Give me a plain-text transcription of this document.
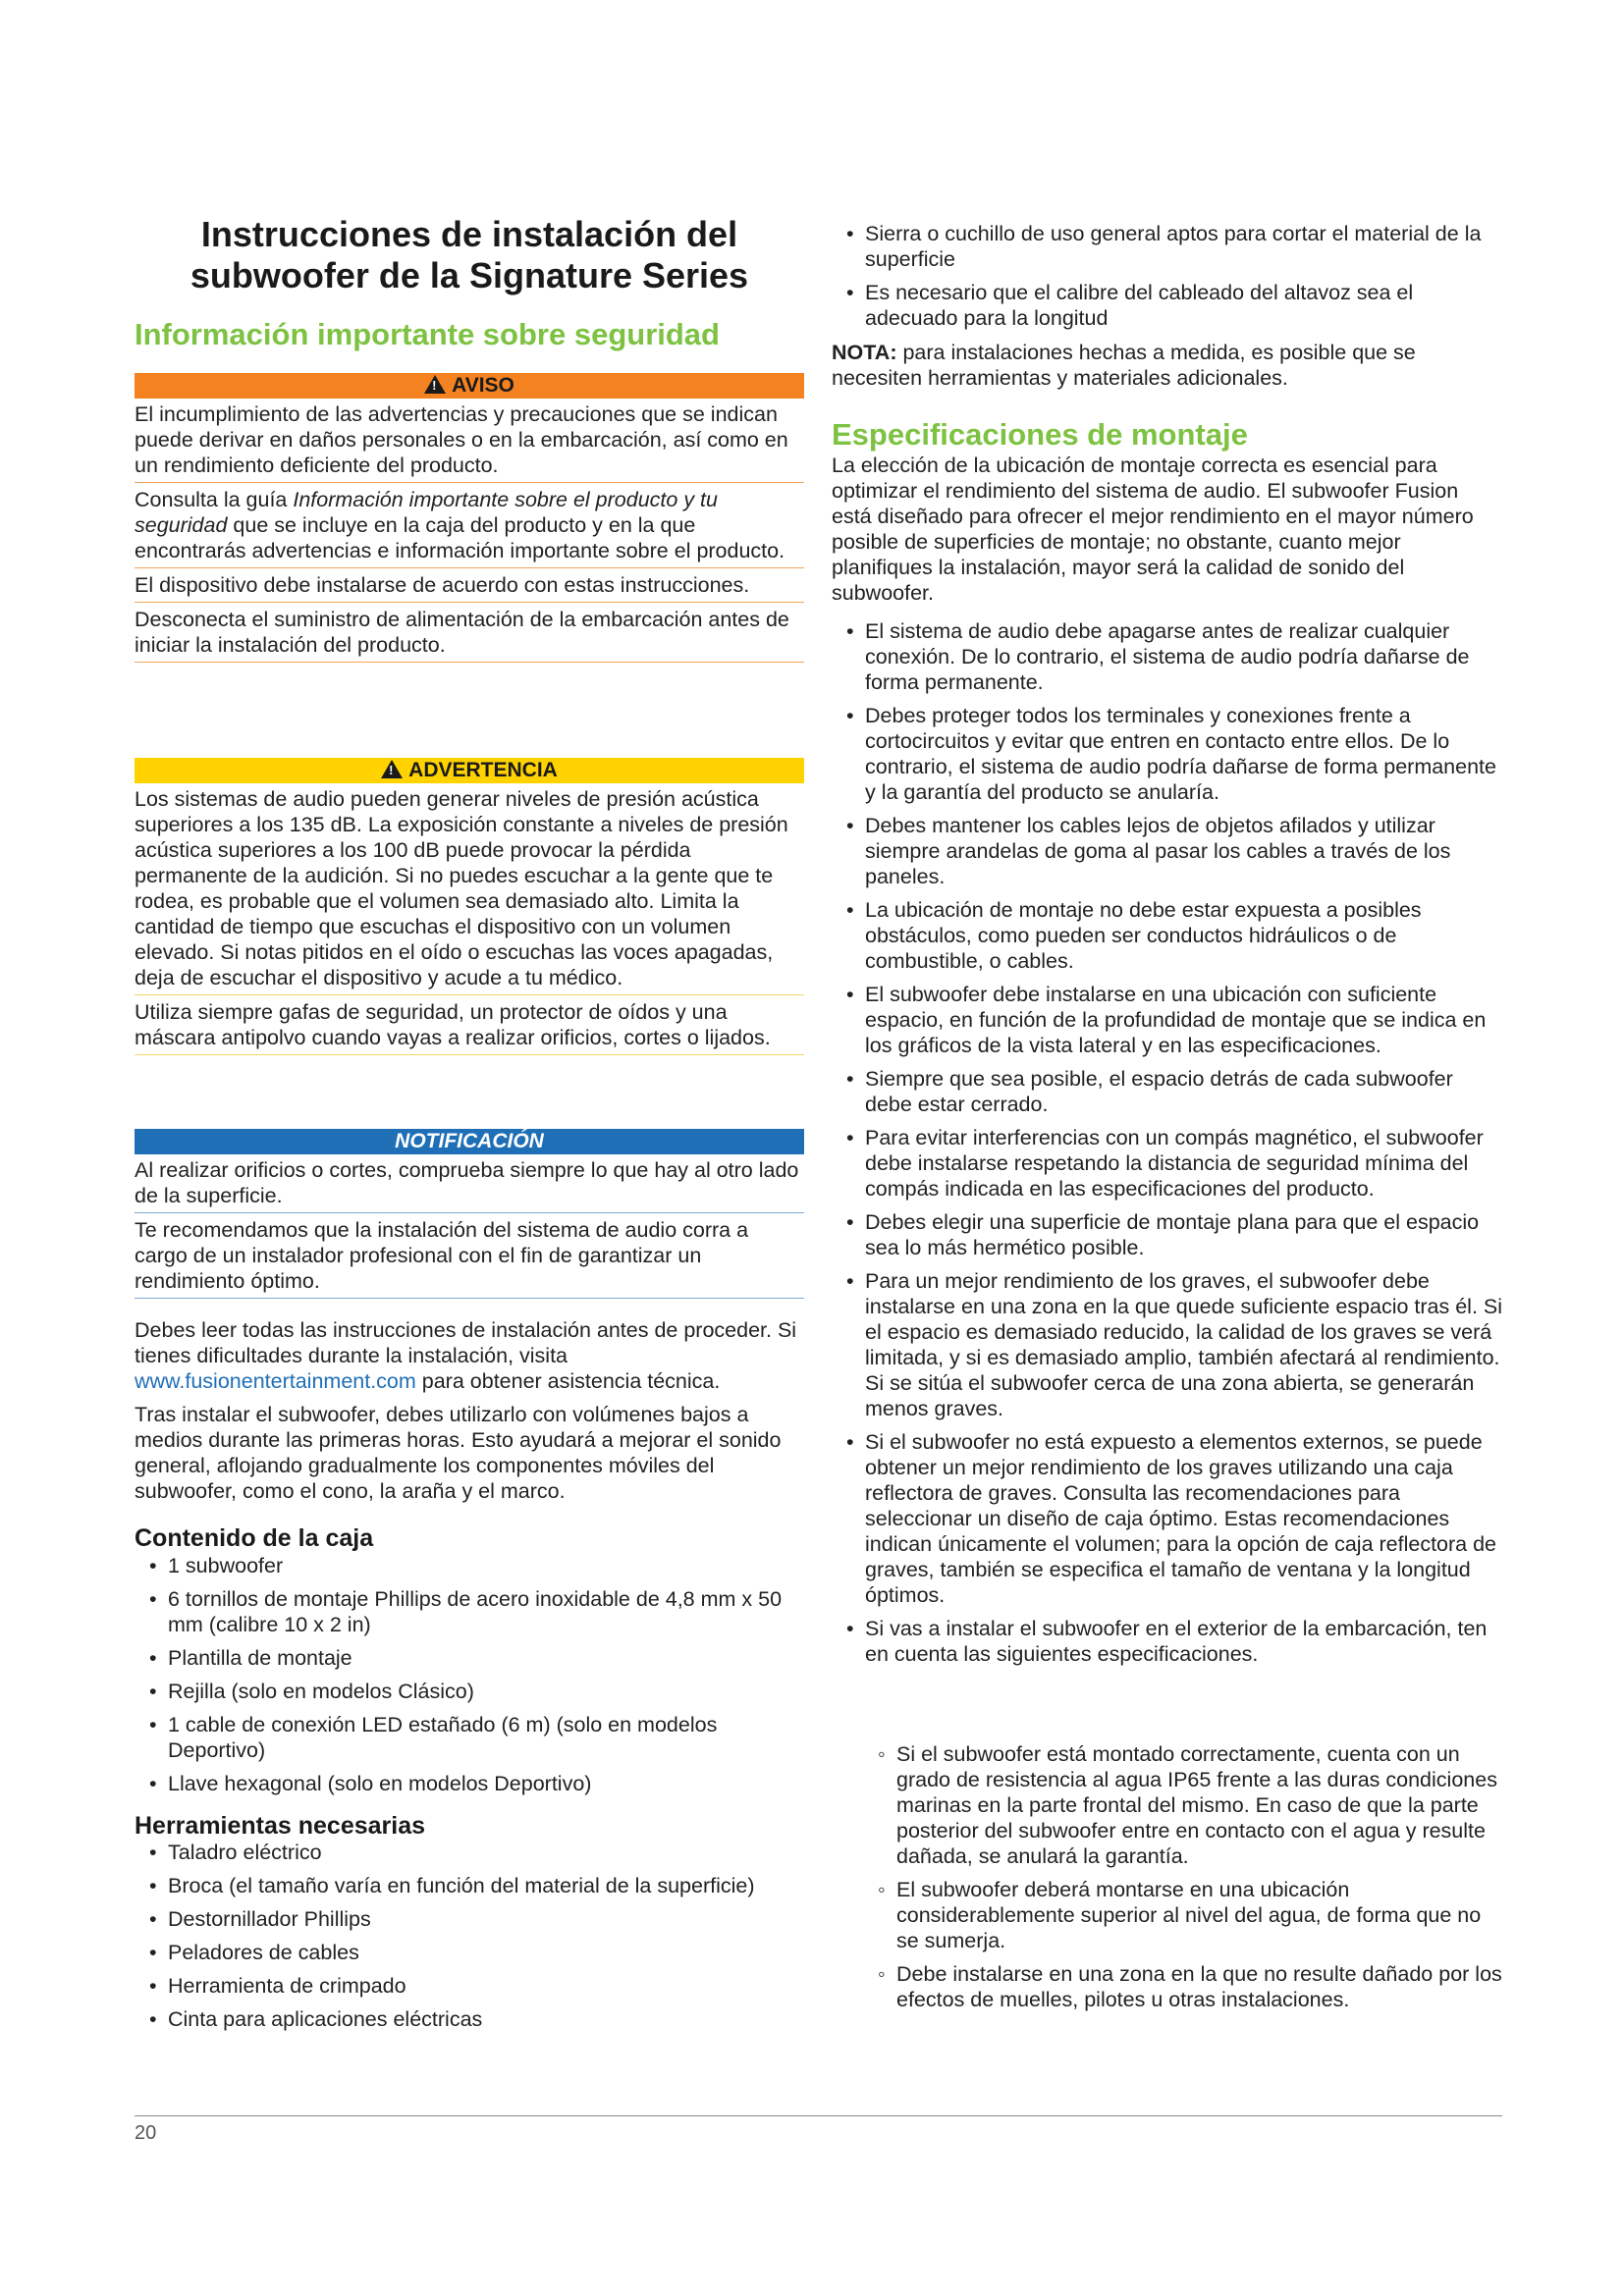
Instrucciones de instalación del
subwoofer de la Signature Series
Información importante sobre seguridad
!AVISO

El incumplimiento de las advertencias y precauciones que se indican puede derivar en daños personales o en la embarcación, así como en un rendimiento deficiente del producto.

Consulta la guía Información importante sobre el producto y tu seguridad que se incluye en la caja del producto y en la que encontrarás advertencias e información importante sobre el producto.

El dispositivo debe instalarse de acuerdo con estas instrucciones.

Desconecta el suministro de alimentación de la embarcación antes de iniciar la instalación del producto.

!ADVERTENCIA

Los sistemas de audio pueden generar niveles de presión acústica superiores a los 135 dB. La exposición constante a niveles de presión acústica superiores a los 100 dB puede provocar la pérdida permanente de la audición. Si no puedes escuchar a la gente que te rodea, es probable que el volumen sea demasiado alto. Limita la cantidad de tiempo que escuchas el dispositivo con un volumen elevado. Si notas pitidos en el oído o escuchas las voces apagadas, deja de escuchar el dispositivo y acude a tu médico.

Utiliza siempre gafas de seguridad, un protector de oídos y una máscara antipolvo cuando vayas a realizar orificios, cortes o lijados.

NOTIFICACIÓN

Al realizar orificios o cortes, comprueba siempre lo que hay al otro lado de la superficie.

Te recomendamos que la instalación del sistema de audio corra a cargo de un instalador profesional con el fin de garantizar un rendimiento óptimo.

Debes leer todas las instrucciones de instalación antes de proceder. Si tienes dificultades durante la instalación, visita www.fusionentertainment.com para obtener asistencia técnica.

Tras instalar el subwoofer, debes utilizarlo con volúmenes bajos a medios durante las primeras horas. Esto ayudará a mejorar el sonido general, aflojando gradualmente los componentes móviles del subwoofer, como el cono, la araña y el marco.

Contenido de la caja
• 1 subwoofer
• 6 tornillos de montaje Phillips de acero inoxidable de 4,8 mm x 50 mm (calibre 10 x 2 in)
• Plantilla de montaje
• Rejilla (solo en modelos Clásico)
• 1 cable de conexión LED estañado (6 m) (solo en modelos Deportivo)
• Llave hexagonal (solo en modelos Deportivo)
Herramientas necesarias
• Taladro eléctrico
• Broca (el tamaño varía en función del material de la superficie)
• Destornillador Phillips
• Peladores de cables
• Herramienta de crimpado
• Cinta para aplicaciones eléctricas
• Sierra o cuchillo de uso general aptos para cortar el material de la superficie
• Es necesario que el calibre del cableado del altavoz sea el adecuado para la longitud

NOTA: para instalaciones hechas a medida, es posible que se necesiten herramientas y materiales adicionales.

Especificaciones de montaje

La elección de la ubicación de montaje correcta es esencial para optimizar el rendimiento del sistema de audio. El subwoofer Fusion está diseñado para ofrecer el mejor rendimiento en el mayor número posible de superficies de montaje; no obstante, cuanto mejor planifiques la instalación, mayor será la calidad de sonido del subwoofer.

• El sistema de audio debe apagarse antes de realizar cualquier conexión. De lo contrario, el sistema de audio podría dañarse de forma permanente.
• Debes proteger todos los terminales y conexiones frente a cortocircuitos y evitar que entren en contacto entre ellos. De lo contrario, el sistema de audio podría dañarse de forma permanente y la garantía del producto se anularía.
• Debes mantener los cables lejos de objetos afilados y utilizar siempre arandelas de goma al pasar los cables a través de los paneles.
• La ubicación de montaje no debe estar expuesta a posibles obstáculos, como pueden ser conductos hidráulicos o de combustible, o cables.
• El subwoofer debe instalarse en una ubicación con suficiente espacio, en función de la profundidad de montaje que se indica en los gráficos de la vista lateral y en las especificaciones.
• Siempre que sea posible, el espacio detrás de cada subwoofer debe estar cerrado.
• Para evitar interferencias con un compás magnético, el subwoofer debe instalarse respetando la distancia de seguridad mínima del compás indicada en las especificaciones del producto.
• Debes elegir una superficie de montaje plana para que el espacio sea lo más hermético posible.
• Para un mejor rendimiento de los graves, el subwoofer debe instalarse en una zona en la que quede suficiente espacio tras él. Si el espacio es demasiado reducido, la calidad de los graves se verá limitada, y si es demasiado amplio, también afectará al rendimiento. Si se sitúa el subwoofer cerca de una zona abierta, se generarán menos graves.
• Si el subwoofer no está expuesto a elementos externos, se puede obtener un mejor rendimiento de los graves utilizando una caja reflectora de graves. Consulta las recomendaciones para seleccionar un diseño de caja óptimo. Estas recomendaciones indican únicamente el volumen; para la opción de caja reflectora de graves, también se especifica el tamaño de ventana y la longitud óptimos.
• Si vas a instalar el subwoofer en el exterior de la embarcación, ten en cuenta las siguientes especificaciones.
◦ Si el subwoofer está montado correctamente, cuenta con un grado de resistencia al agua IP65 frente a las duras condiciones marinas en la parte frontal del mismo. En caso de que la parte posterior del subwoofer entre en contacto con el agua y resulte dañada, se anulará la garantía.
◦ El subwoofer deberá montarse en una ubicación considerablemente superior al nivel del agua, de forma que no se sumerja.
◦ Debe instalarse en una zona en la que no resulte dañado por los efectos de muelles, pilotes u otras instalaciones.
20
